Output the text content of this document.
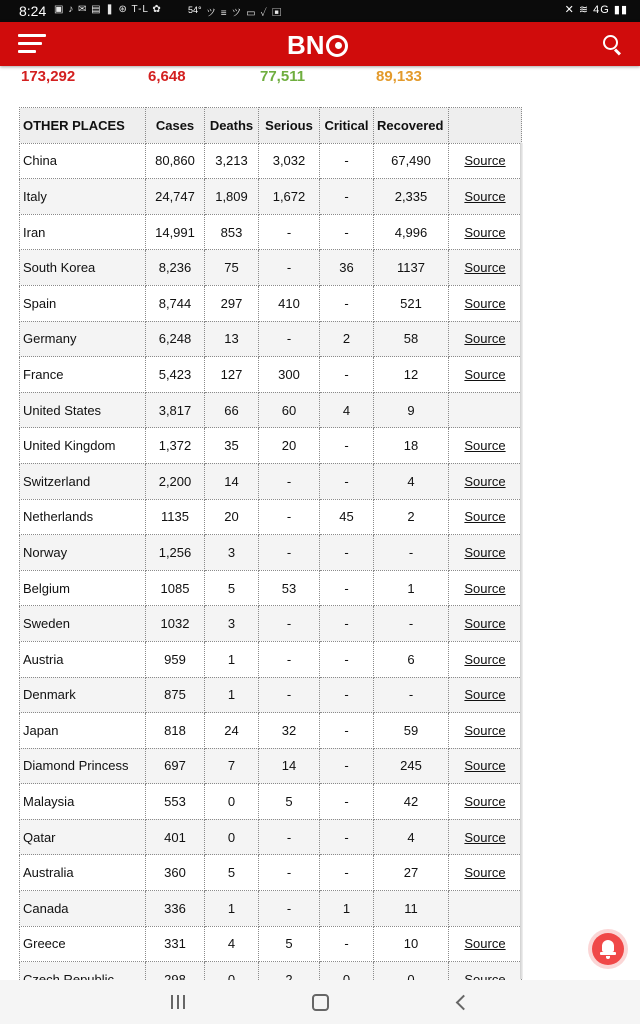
8:24 ▣ ♪ ✉ ▤ ❚ ⊛ T-L ✿	54° ツ ≡ ツ ▭ ✓ ▣	✕ ≋ 4G ▮▮
BN
173,292	6,648	77,511	89,133
OTHER PLACES	Cases	Deaths	Serious	Critical	Recovered	
China	80,860	3,213	3,032	-	67,490	Source
Italy	24,747	1,809	1,672	-	2,335	Source
Iran	14,991	853	-	-	4,996	Source
South Korea	8,236	75	-	36	1137	Source
Spain	8,744	297	410	-	521	Source
Germany	6,248	13	-	2	58	Source
France	5,423	127	300	-	12	Source
United States	3,817	66	60	4	9	
United Kingdom	1,372	35	20	-	18	Source
Switzerland	2,200	14	-	-	4	Source
Netherlands	1135	20	-	45	2	Source
Norway	1,256	3	-	-	-	Source
Belgium	1085	5	53	-	1	Source
Sweden	1032	3	-	-	-	Source
Austria	959	1	-	-	6	Source
Denmark	875	1	-	-	-	Source
Japan	818	24	32	-	59	Source
Diamond Princess	697	7	14	-	245	Source
Malaysia	553	0	5	-	42	Source
Qatar	401	0	-	-	4	Source
Australia	360	5	-	-	27	Source
Canada	336	1	-	1	11	
Greece	331	4	5	-	10	Source
